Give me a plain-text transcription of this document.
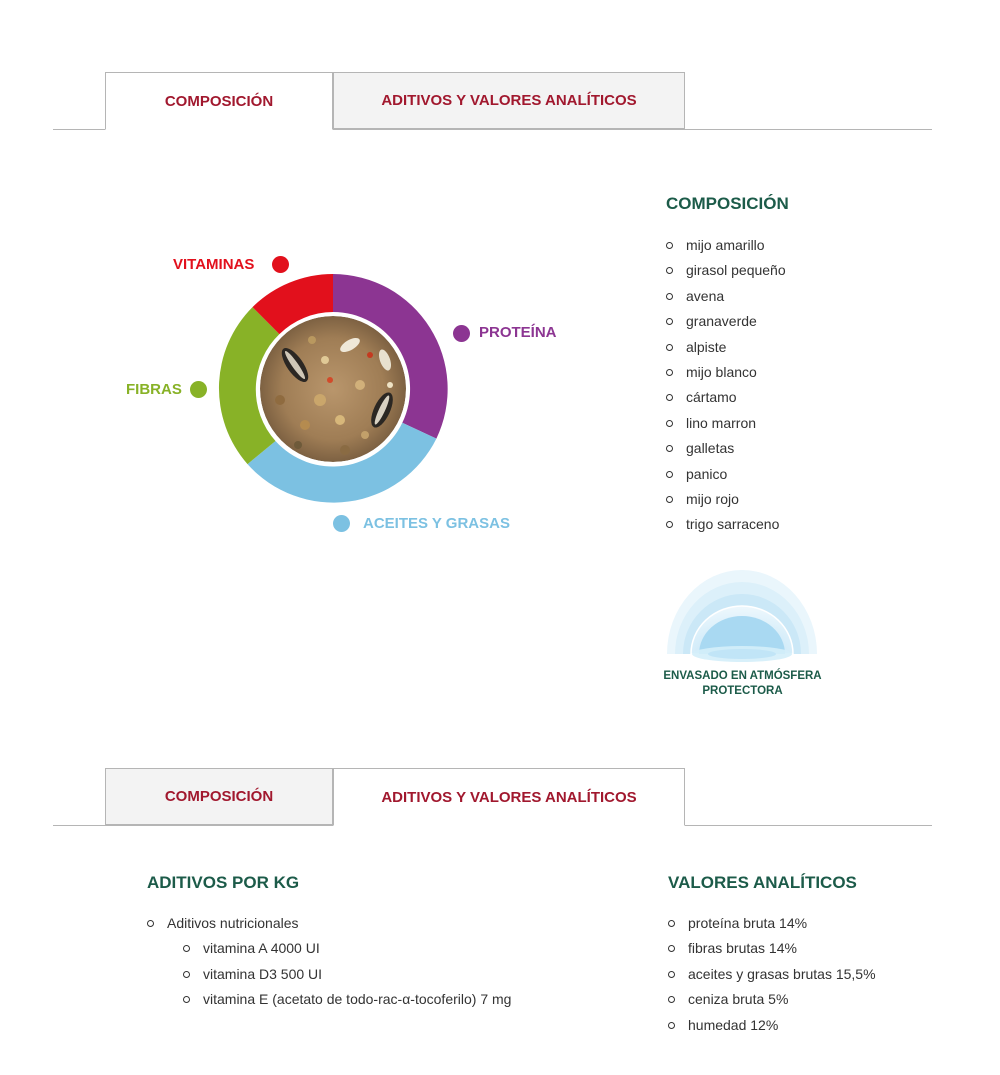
COMPOSICIÓN	ADITIVOS Y VALORES ANALÍTICOS
VITAMINAS
PROTEÍNA
FIBRAS
ACEITES Y GRASAS
COMPOSICIÓN
mijo amarillo
girasol pequeño
avena
granaverde
alpiste
mijo blanco
cártamo
lino marron
galletas
panico
mijo rojo
trigo sarraceno
ENVASADO EN ATMÓSFERA
PROTECTORA
COMPOSICIÓN	ADITIVOS Y VALORES ANALÍTICOS
ADITIVOS POR KG
Aditivos nutricionales
vitamina A 4000 UI
vitamina D3 500 UI
vitamina E (acetato de todo-rac-α-tocoferilo) 7 mg
VALORES ANALÍTICOS
proteína bruta 14%
fibras brutas 14%
aceites y grasas brutas 15,5%
ceniza bruta 5%
humedad 12%
